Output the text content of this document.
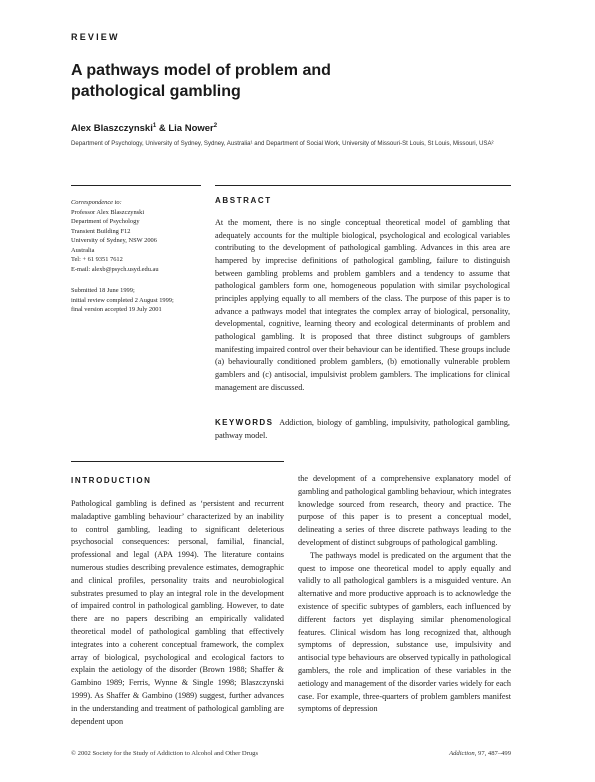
REVIEW
A pathways model of problem and
pathological gambling
Alex Blaszczynski$^1$ & Lia Nower$^2$
Department of Psychology, University of Sydney, Sydney, Australia¹ and Department of Social Work, University of Missouri-St Louis, St Louis, Missouri, USA²
Correspondence to:
Professor Alex Blaszczynski
Department of Psychology
Transient Building F12
University of Sydney, NSW 2006
Australia
Tel: + 61 9351 7612
E-mail: alexb@psych.usyd.edu.au
Submitted 18 June 1999;
initial review completed 2 August 1999;
final version accepted 19 July 2001
ABSTRACT
At the moment, there is no single conceptual theoretical model of gambling that adequately accounts for the multiple biological, psychological and ecological variables contributing to the development of pathological gambling. Advances in this area are hampered by imprecise definitions of pathological gambling, failure to distinguish between gambling problems and problem gamblers and a tendency to assume that pathological gamblers form one, homogeneous population with similar psychological principles applying equally to all members of the class. The purpose of this paper is to advance a pathways model that integrates the complex array of biological, personality, developmental, cognitive, learning theory and ecological determinants of problem and pathological gambling. It is proposed that three distinct subgroups of gamblers manifesting impaired control over their behaviour can be identified. These groups include (a) behaviourally conditioned problem gamblers, (b) emotionally vulnerable problem gamblers and (c) antisocial, impulsivist problem gamblers. The implications for clinical management are discussed.
KEYWORDS Addiction, biology of gambling, impulsivity, pathological gambling, pathway model.
INTRODUCTION

Pathological gambling is defined as ‘persistent and recurrent maladaptive gambling behaviour’ characterized by an inability to control gambling, leading to significant deleterious psychosocial consequences: personal, familial, financial, professional and legal (APA 1994). The literature contains numerous studies describing prevalence estimates, demographic and clinical profiles, personality traits and neurobiological substrates presumed to play an integral role in the development of impaired control in pathological gambling. However, to date there are no papers describing an empirically validated theoretical model of pathological gambling that effectively integrates into a coherent conceptual framework, the complex array of biological, psychological and ecological factors to explain the aetiology of the disorder (Brown 1988; Shaffer & Gambino 1989; Ferris, Wynne & Single 1998; Blaszczynski 1999). As Shaffer & Gambino (1989) suggest, further advances in the understanding and treatment of pathological gambling are dependent upon

the development of a comprehensive explanatory model of gambling and pathological gambling behaviour, which integrates knowledge sourced from research, theory and practice. The purpose of this paper is to present a conceptual model, delineating a series of three discrete pathways leading to the development of distinct subgroups of pathological gambling.

The pathways model is predicated on the argument that the quest to impose one theoretical model to apply equally and validly to all pathological gamblers is a misguided venture. An alternative and more productive approach is to acknowledge the existence of specific subtypes of gamblers, each influenced by different factors yet displaying similar phenomenological features. Clinical wisdom has long recognized that, although symptoms of depression, substance use, impulsivity and antisocial type behaviours are observed typically in pathological gamblers, the role and implication of these variables in the aetiology and management of the disorder varies widely for each case. For example, three-quarters of problem gamblers manifest symptoms of depression

© 2002 Society for the Study of Addiction to Alcohol and Other Drugs	Addiction, 97, 487–499
